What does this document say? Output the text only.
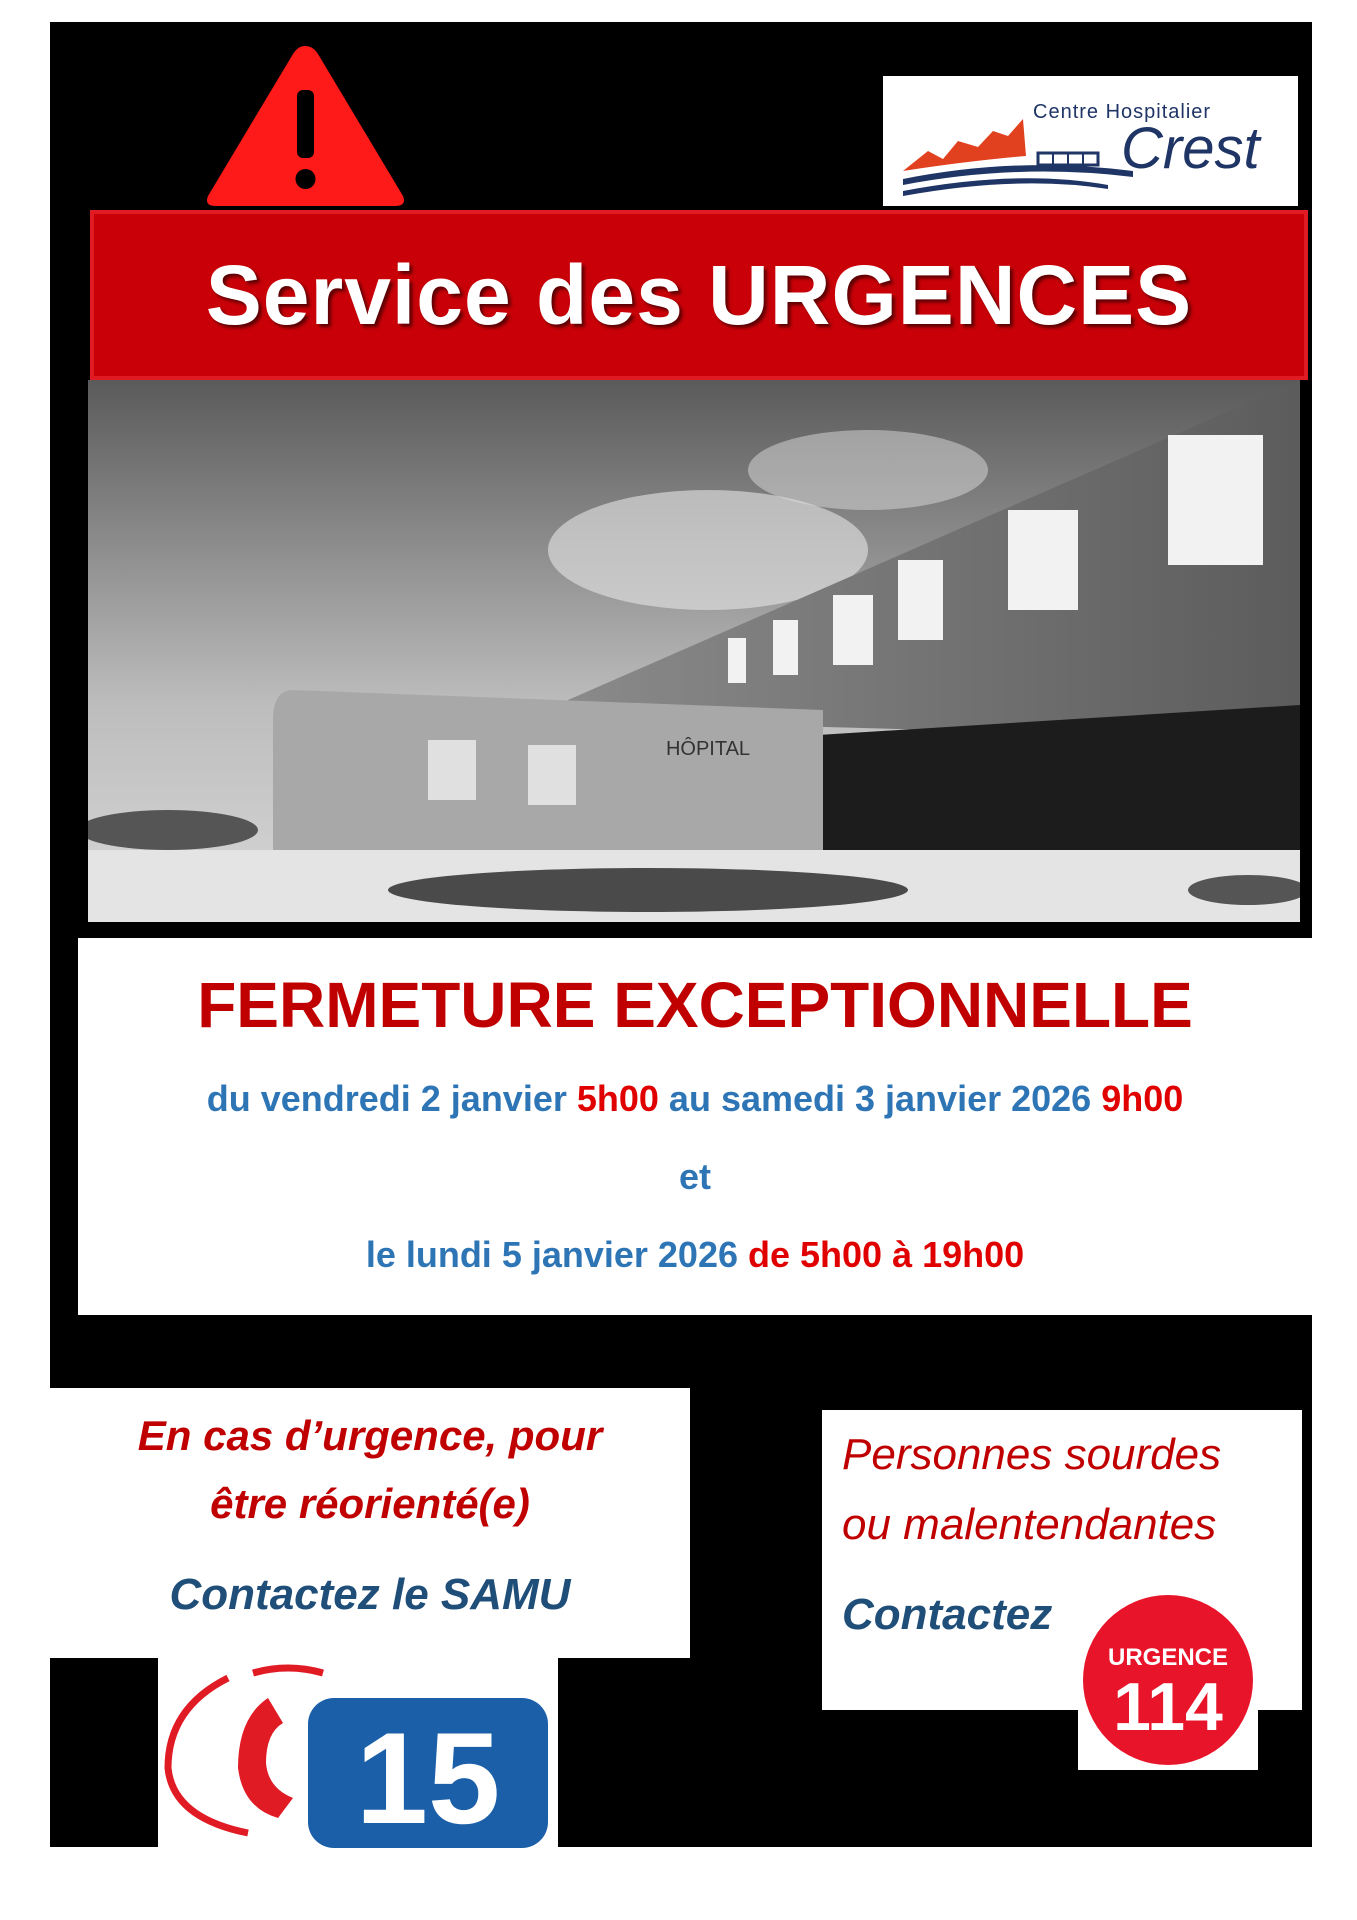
Centre Hospitalier
Crest
Service des URGENCES
HÔPITAL
FERMETURE EXCEPTIONNELLE
du vendredi 2 janvier 5h00 au samedi 3 janvier 2026 9h00
et
le lundi 5 janvier 2026 de 5h00 à 19h00
En cas d’urgence, pour
être réorienté(e)
Contactez le SAMU
15
Personnes sourdes
ou malentendantes
Contactez
URGENCE
114
